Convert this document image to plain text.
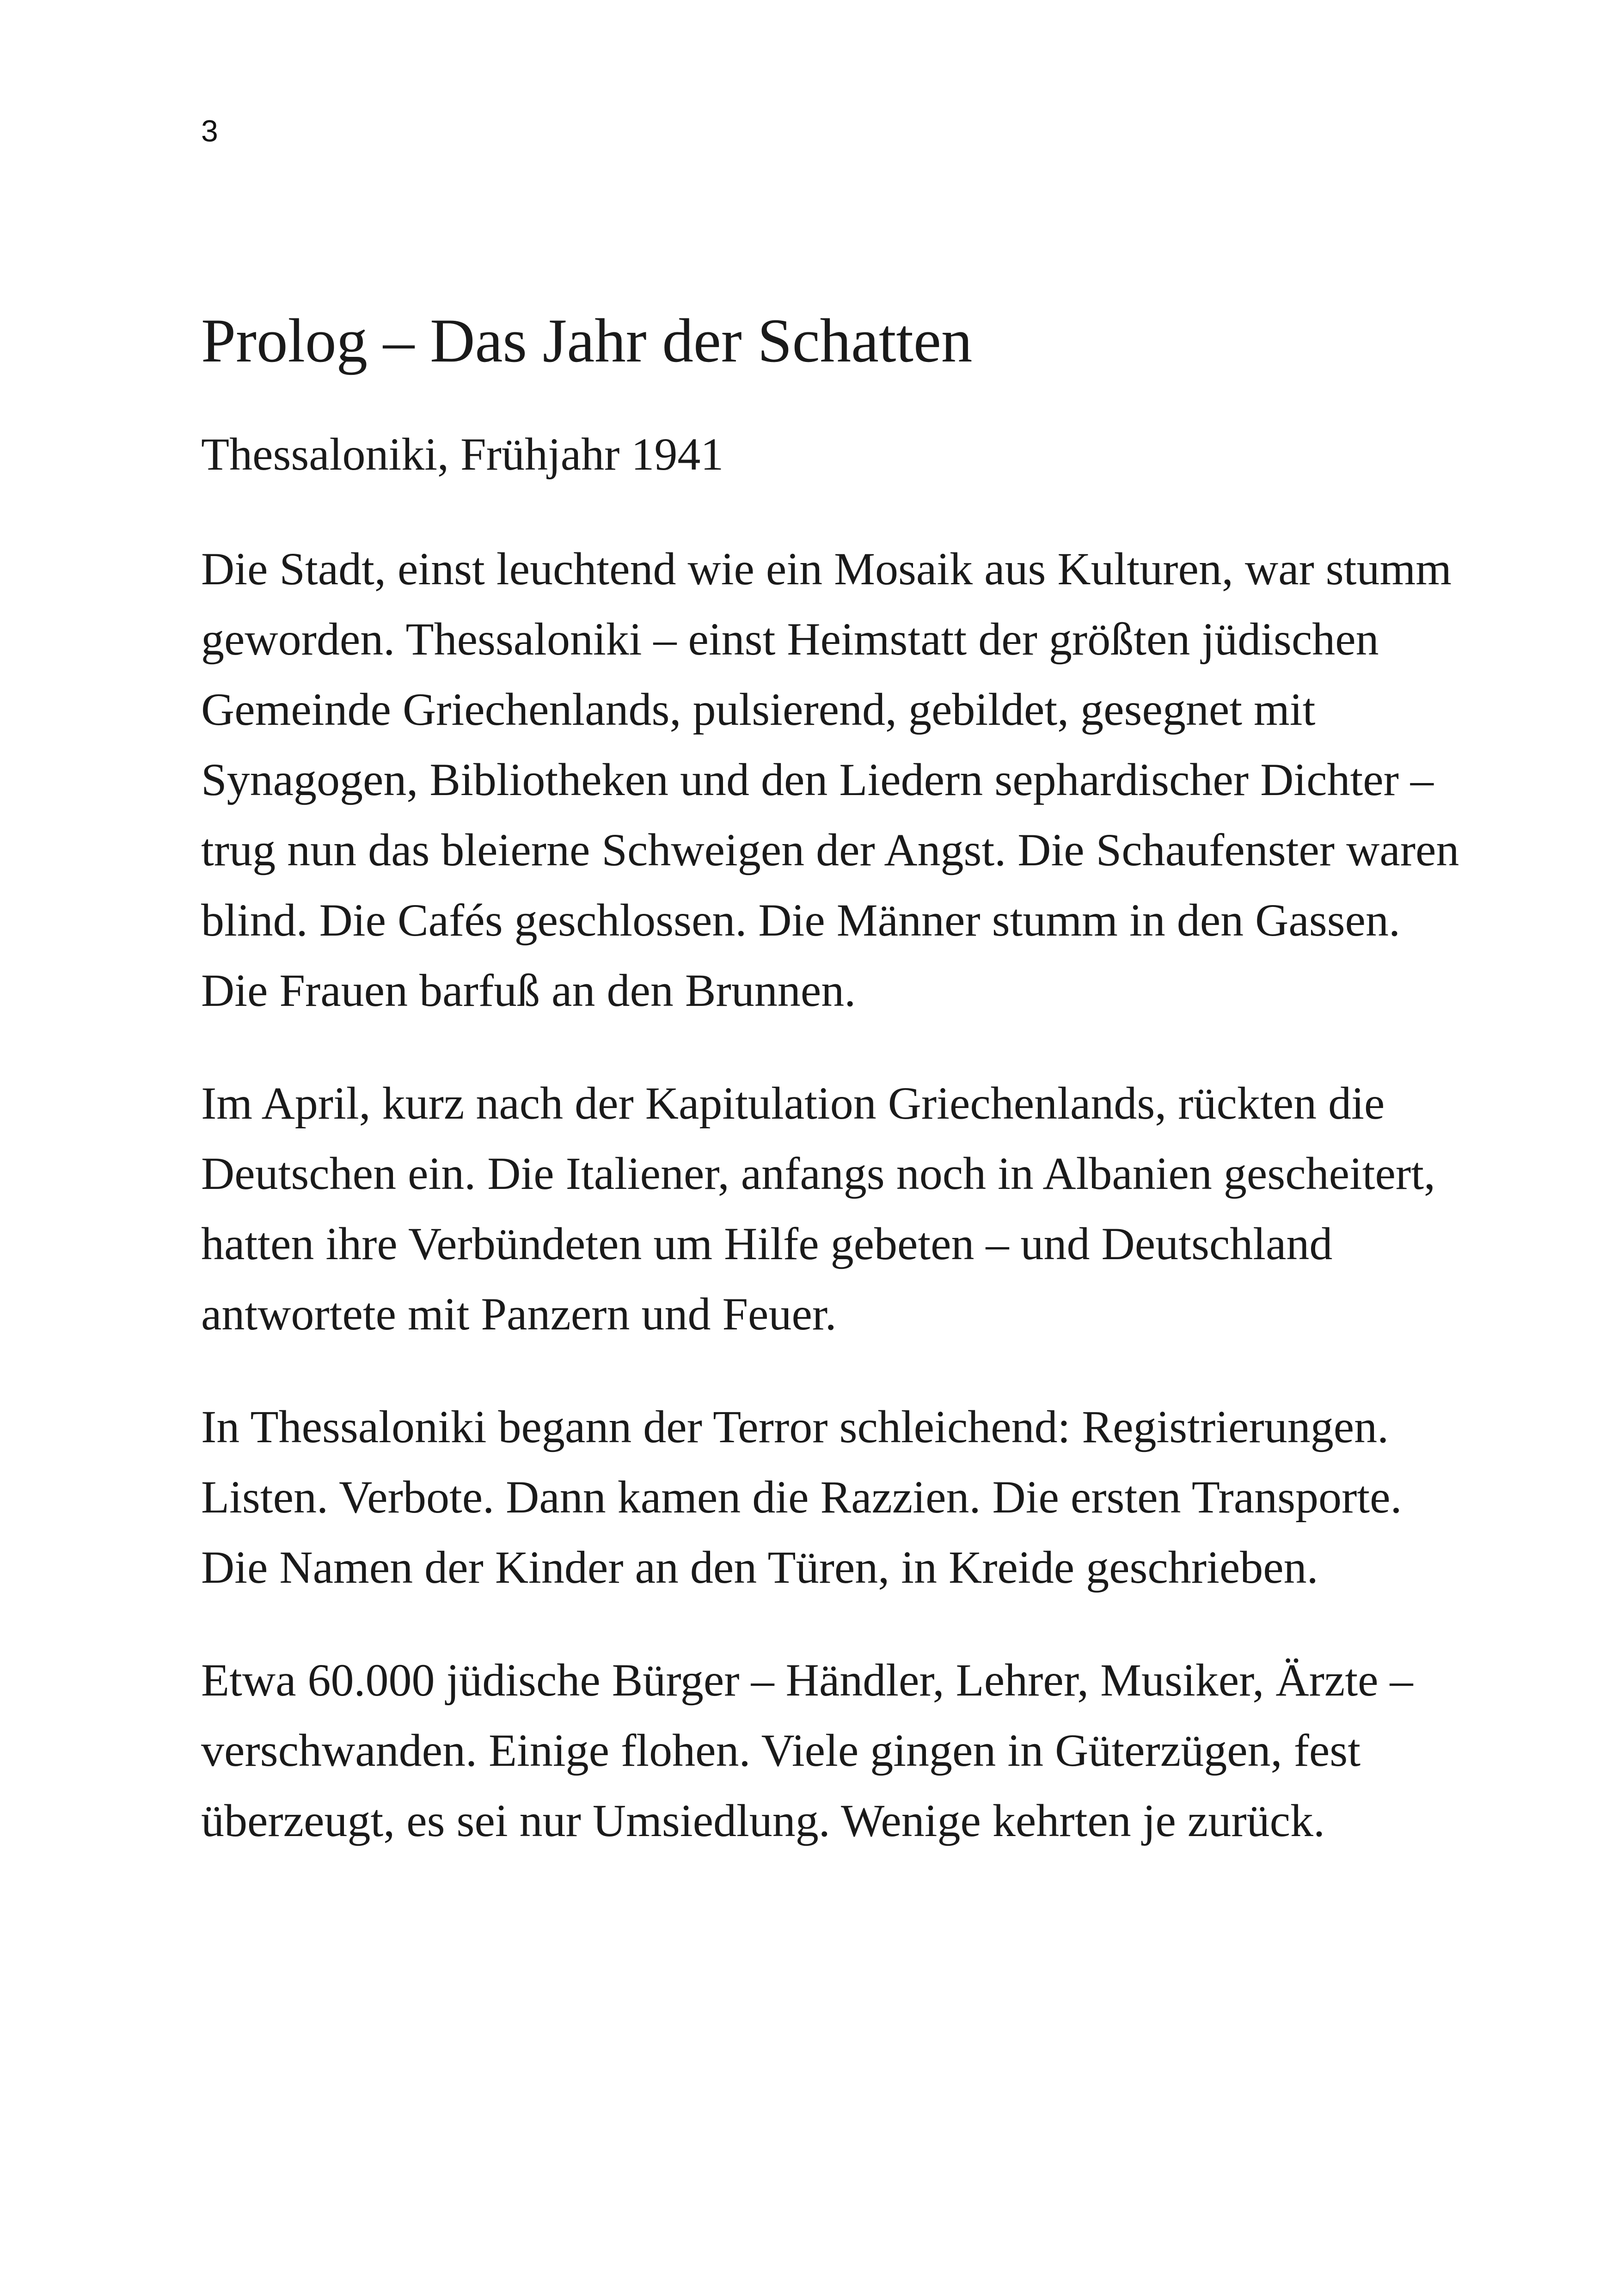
3
Prolog – Das Jahr der Schatten

Thessaloniki, Frühjahr 1941

Die Stadt, einst leuchtend wie ein Mosaik aus Kulturen, war stumm geworden. Thessaloniki – einst Heimstatt der größten jüdischen Gemeinde Griechenlands, pulsierend, gebildet, gesegnet mit Synagogen, Bibliotheken und den Liedern sephardischer Dichter – trug nun das bleierne Schweigen der Angst. Die Schaufenster waren blind. Die Cafés geschlossen. Die Männer stumm in den Gassen. Die Frauen barfuß an den Brunnen.

Im April, kurz nach der Kapitulation Griechenlands, rückten die Deutschen ein. Die Italiener, anfangs noch in Albanien gescheitert, hatten ihre Verbündeten um Hilfe gebeten – und Deutschland antwortete mit Panzern und Feuer.

In Thessaloniki begann der Terror schleichend: Registrierungen. Listen. Verbote. Dann kamen die Razzien. Die ersten Transporte. Die Namen der Kinder an den Türen, in Kreide geschrieben.

Etwa 60.000 jüdische Bürger – Händler, Lehrer, Musiker, Ärzte – verschwanden. Einige flohen. Viele gingen in Güterzügen, fest überzeugt, es sei nur Umsiedlung. Wenige kehrten je zurück.
